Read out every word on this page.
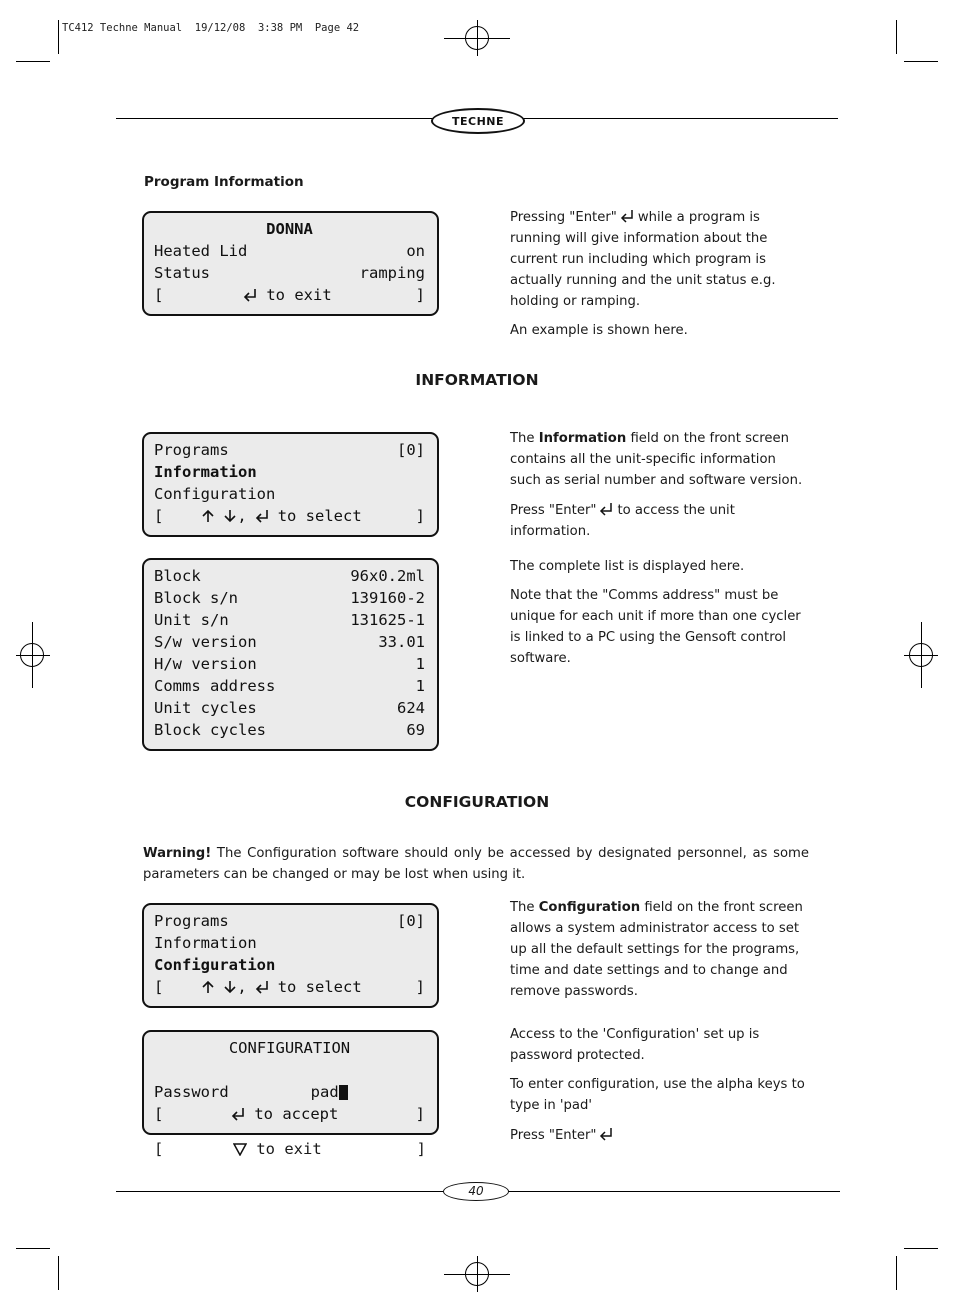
TC412 Techne Manual  19/12/08  3:38 PM  Page 42
TECHNE
Program Information
DONNA
Heated Lid	on
Status	ramping
[	to exit	]
Pressing "Enter" while a program is running will give information about the current run including which program is actually running and the unit status e.g. holding or ramping.
An example is shown here.
INFORMATION
Programs	[0]
Information
Configuration
[	, to select	]
Block	96x0.2ml
Block s/n	139160-2
Unit s/n	131625-1
S/w version	33.01
H/w version	1
Comms address	1
Unit cycles	624
Block cycles	69
The Information field on the front screen contains all the unit-specific information such as serial number and software version.
Press "Enter" to access the unit information.
The complete list is displayed here.
Note that the "Comms address" must be unique for each unit if more than one cycler is linked to a PC using the Gensoft control software.
CONFIGURATION
Warning! The Configuration software should only be accessed by designated personnel, as some parameters can be changed or may be lost when using it.
Programs	[0]
Information
Configuration
[	, to select	]
CONFIGURATION
Password	pad
[	to accept	]
[	to exit	]
The Configuration field on the front screen allows a system administrator access to set up all the default settings for the programs, time and date settings and to change and remove passwords.
Access to the 'Configuration' set up is password protected.
To enter configuration, use the alpha keys to type in 'pad'
Press "Enter"
40
